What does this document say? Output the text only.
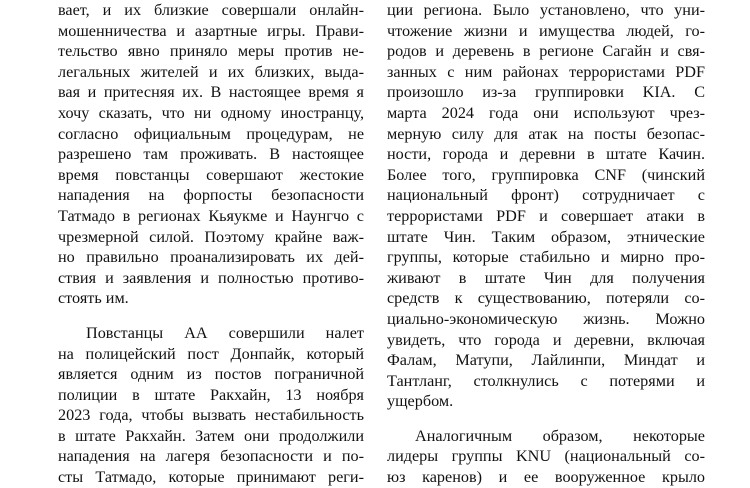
вает, и их близкие совершали онлайн-
мошенничества и азартные игры. Прави-
тельство явно приняло меры против не-
легальных жителей и их близких, выда-
вая и притесняя их. В настоящее время я
хочу сказать, что ни одному иностранцу,
согласно официальным процедурам, не
разрешено там проживать. В настоящее
время повстанцы совершают жестокие
нападения на форпосты безопасности
Татмадо в регионах Кьяукме и Наунгчо с
чрезмерной силой. Поэтому крайне важ-
но правильно проанализировать их дей-
ствия и заявления и полностью противо-
стоять им.
Повстанцы АА совершили налет
на полицейский пост Донпайк, который
является одним из постов пограничной
полиции в штате Ракхайн, 13 ноября
2023 года, чтобы вызвать нестабильность
в штате Ракхайн. Затем они продолжили
нападения на лагеря безопасности и по-
сты Татмадо, которые принимают реги-
ции региона. Было установлено, что уни-
чтожение жизни и имущества людей, го-
родов и деревень в регионе Сагайн и свя-
занных с ним районах террористами PDF
произошло из-за группировки KIA. С
марта 2024 года они используют чрез-
мерную силу для атак на посты безопас-
ности, города и деревни в штате Качин.
Более того, группировка CNF (чинский
национальный фронт) сотрудничает с
террористами PDF и совершает атаки в
штате Чин. Таким образом, этнические
группы, которые стабильно и мирно про-
живают в штате Чин для получения
средств к существованию, потеряли со-
циально-экономическую жизнь. Можно
увидеть, что города и деревни, включая
Фалам, Матупи, Лайлинпи, Миндат и
Тантланг, столкнулись с потерями и
ущербом.
Аналогичным образом, некоторые
лидеры группы KNU (национальный со-
юз каренов) и ее вооруженное крыло
